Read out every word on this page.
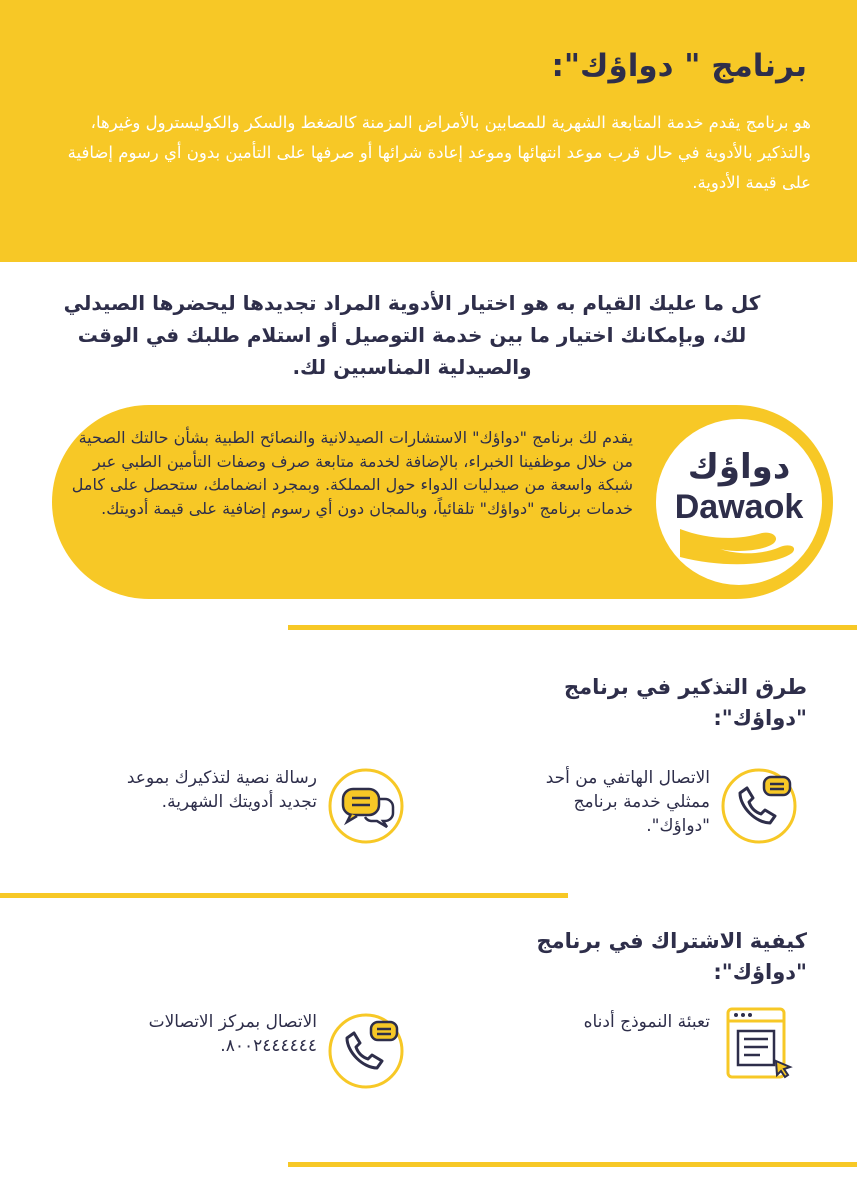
برنامج " دواؤك":

هو برنامج يقدم خدمة المتابعة الشهرية للمصابين بالأمراض المزمنة كالضغط والسكر والكوليسترول وغيرها، والتذكير بالأدوية في حال قرب موعد انتهائها وموعد إعادة شرائها أو صرفها على التأمين بدون أي رسوم إضافية على قيمة الأدوية.

كل ما عليك القيام به هو اختيار الأدوية المراد تجديدها ليحضرها الصيدلي لك، وبإمكانك اختيار ما بين خدمة التوصيل أو استلام طلبك في الوقت والصيدلية المناسبين لك.

دواؤك
Dawaok

يقدم لك برنامج "دواؤك" الاستشارات الصيدلانية والنصائح الطبية بشأن حالتك الصحية من خلال موظفينا الخبراء، بالإضافة لخدمة متابعة صرف وصفات التأمين الطبي عبر شبكة واسعة من صيدليات الدواء حول المملكة. وبمجرد انضمامك، ستحصل على كامل خدمات برنامج "دواؤك" تلقائياً، وبالمجان دون أي رسوم إضافية على قيمة أدويتك.

طرق التذكير في برنامج "دواؤك":

الاتصال الهاتفي من أحد ممثلي خدمة برنامج "دواؤك".

رسالة نصية لتذكيرك بموعد تجديد أدويتك الشهرية.

كيفية الاشتراك في برنامج "دواؤك":

تعبئة النموذج أدناه

الاتصال بمركز الاتصالات ٨٠٠٢٤٤٤٤٤٤.
